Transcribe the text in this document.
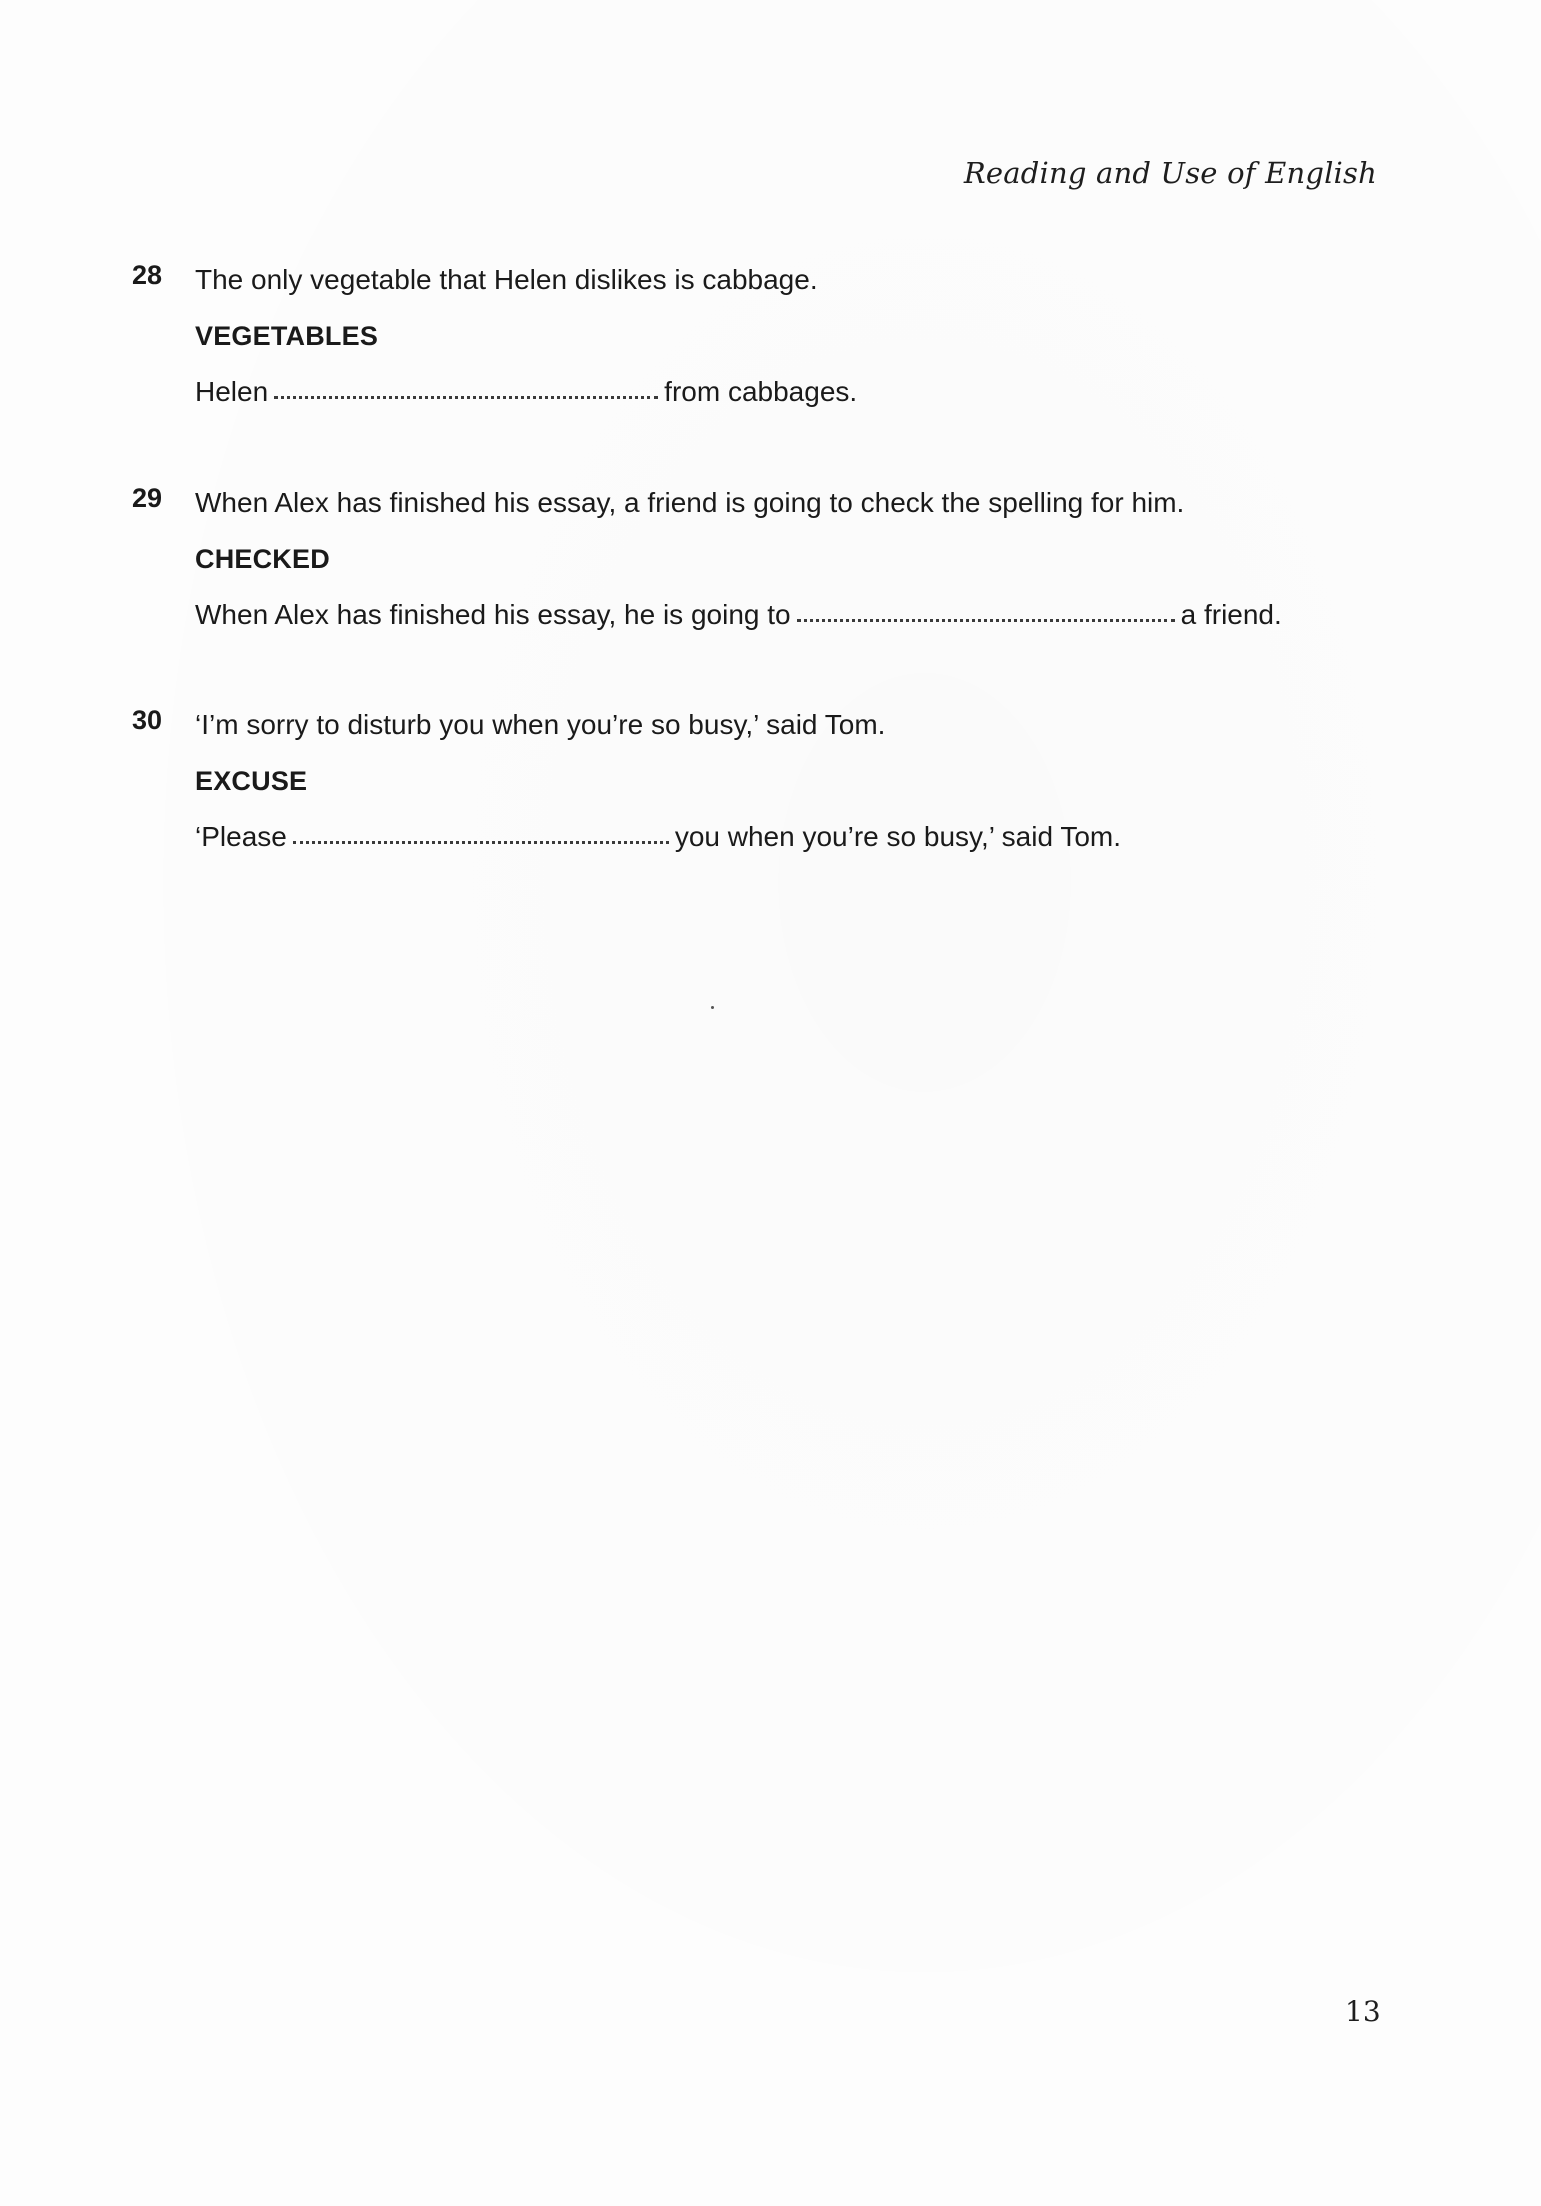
Reading and Use of English
28	The only vegetable that Helen dislikes is cabbage.
VEGETABLES
Helen	from cabbages.
29	When Alex has finished his essay, a friend is going to check the spelling for him.
CHECKED
When Alex has finished his essay, he is going to	a friend.
30	‘I’m sorry to disturb you when you’re so busy,’ said Tom.
EXCUSE
‘Please	you when you’re so busy,’ said Tom.
13
